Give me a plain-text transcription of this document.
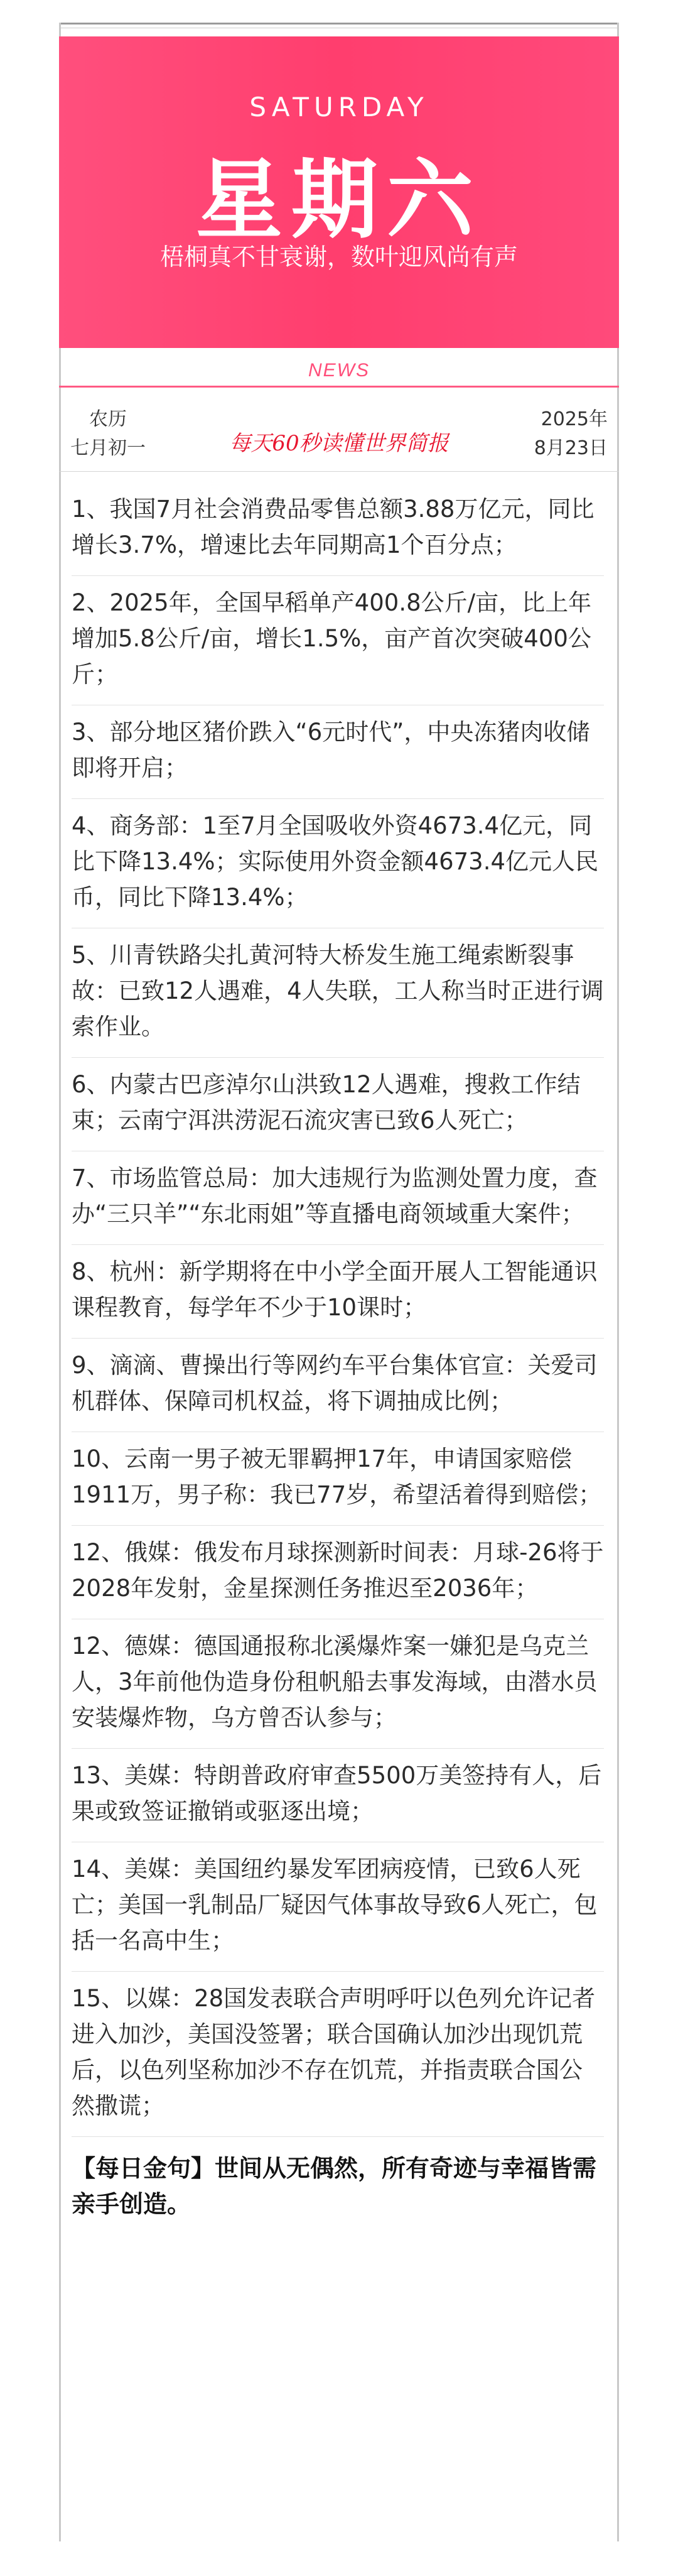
SATURDAY
星期六
梧桐真不甘衰谢，数叶迎风尚有声
NEWS
农历
七月初一	每天60秒读懂世界简报
2025年
8月23日
1、我国7月社会消费品零售总额3.88万亿元，同比增长3.7%，增速比去年同期高1个百分点；
2、2025年，全国早稻单产400.8公斤/亩，比上年增加5.8公斤/亩，增长1.5%，亩产首次突破400公斤；
3、部分地区猪价跌入“6元时代”，中央冻猪肉收储即将开启；
4、商务部：1至7月全国吸收外资4673.4亿元，同比下降13.4%；实际使用外资金额4673.4亿元人民币，同比下降13.4%；
5、川青铁路尖扎黄河特大桥发生施工绳索断裂事故：已致12人遇难，4人失联，工人称当时正进行调索作业。
6、内蒙古巴彦淖尔山洪致12人遇难，搜救工作结束；云南宁洱洪涝泥石流灾害已致6人死亡；
7、市场监管总局：加大违规行为监测处置力度，查办“三只羊”“东北雨姐”等直播电商领域重大案件；
8、杭州：新学期将在中小学全面开展人工智能通识课程教育，每学年不少于10课时；
9、滴滴、曹操出行等网约车平台集体官宣：关爱司机群体、保障司机权益，将下调抽成比例；
10、云南一男子被无罪羁押17年，申请国家赔偿1911万，男子称：我已77岁，希望活着得到赔偿；
12、俄媒：俄发布月球探测新时间表：月球-26将于2028年发射，金星探测任务推迟至2036年；
12、德媒：德国通报称北溪爆炸案一嫌犯是乌克兰人，3年前他伪造身份租帆船去事发海域，由潜水员安装爆炸物，乌方曾否认参与；
13、美媒：特朗普政府审查5500万美签持有人，后果或致签证撤销或驱逐出境；
14、美媒：美国纽约暴发军团病疫情，已致6人死亡；美国一乳制品厂疑因气体事故导致6人死亡，包括一名高中生；
15、以媒：28国发表联合声明呼吁以色列允许记者进入加沙，美国没签署；联合国确认加沙出现饥荒后，以色列坚称加沙不存在饥荒，并指责联合国公然撒谎；
【每日金句】世间从无偶然，所有奇迹与幸福皆需亲手创造。
